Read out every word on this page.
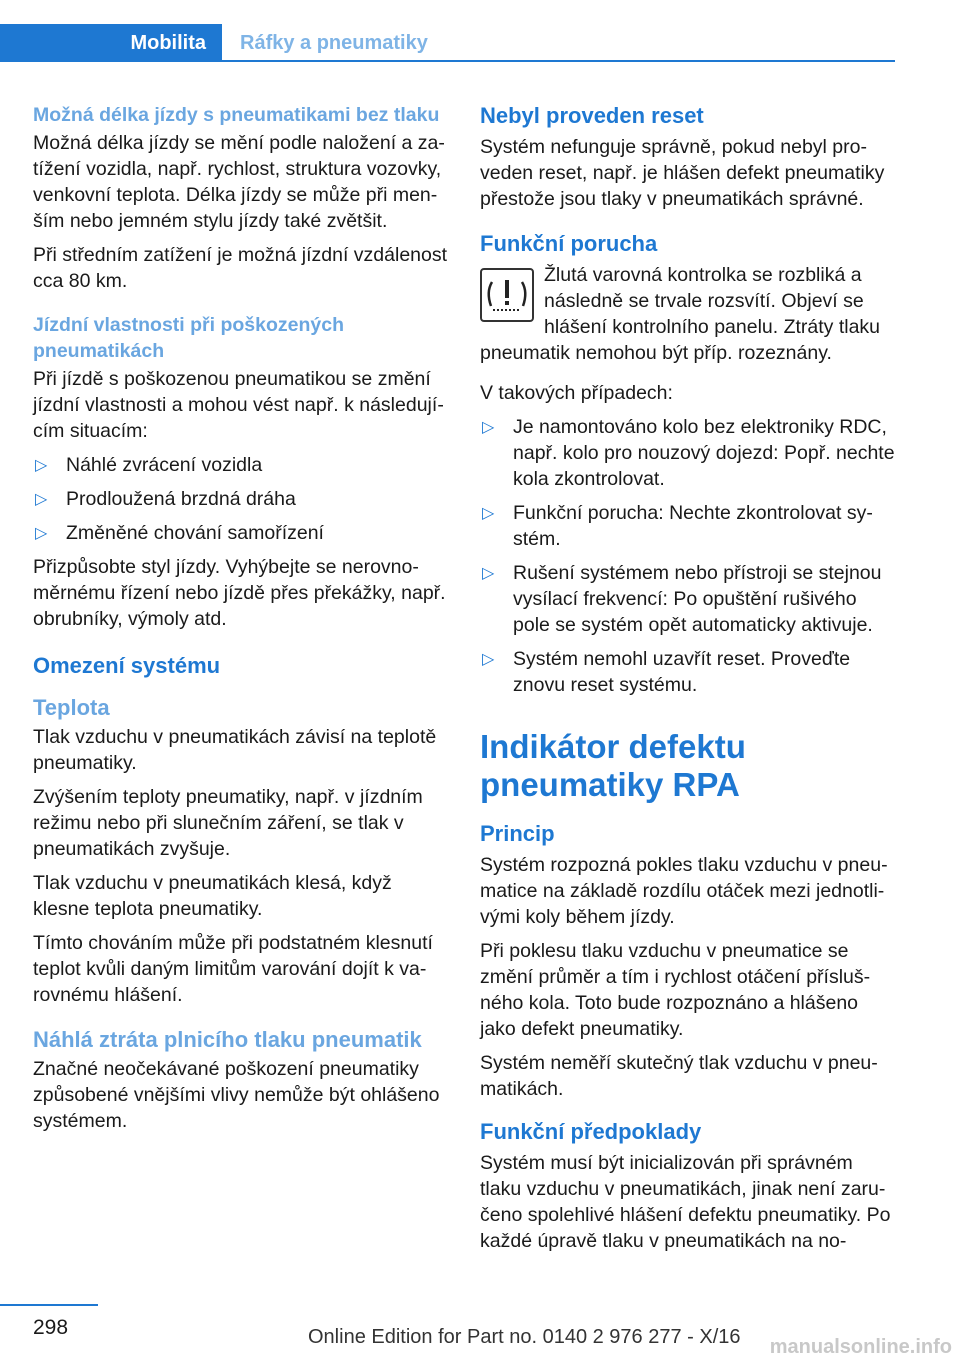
Mobilita	Ráfky a pneumatiky
Možná délka jízdy s pneumatikami bez tlaku

Možná délka jízdy se mění podle naložení a zatížení vozidla, např. rychlost, struktura vozovky, venkovní teplota. Délka jízdy se může při menším nebo jemném stylu jízdy také zvětšit.

Při středním zatížení je možná jízdní vzdálenost cca 80 km.

Jízdní vlastnosti při poškozených pneumatikách

Při jízdě s poškozenou pneumatikou se změní jízdní vlastnosti a mohou vést např. k následujícím situacím:

▷ Náhlé zvrácení vozidla
▷ Prodloužená brzdná dráha
▷ Změněné chování samořízení

Přizpůsobte styl jízdy. Vyhýbejte se nerovnoměrnému řízení nebo jízdě přes překážky, např. obrubníky, výmoly atd.

Omezení systému
Teplota

Tlak vzduchu v pneumatikách závisí na teplotě pneumatiky.

Zvýšením teploty pneumatiky, např. v jízdním režimu nebo při slunečním záření, se tlak v pneumatikách zvyšuje.

Tlak vzduchu v pneumatikách klesá, když klesne teplota pneumatiky.

Tímto chováním může při podstatném klesnutí teplot kvůli daným limitům varování dojít k varovnému hlášení.

Náhlá ztráta plnicího tlaku pneumatik

Značné neočekávané poškození pneumatiky způsobené vnějšími vlivy nemůže být ohlášeno systémem.

Nebyl proveden reset

Systém nefunguje správně, pokud nebyl proveden reset, např. je hlášen defekt pneumatiky přestože jsou tlaky v pneumatikách správné.

Funkční porucha
Žlutá varovná kontrolka se rozbliká a následně se trvale rozsvítí. Objeví se hlášení kontrolního panelu. Ztráty tlaku pneumatik nemohou být příp. rozeznány.

V takových případech:

▷ Je namontováno kolo bez elektroniky RDC, např. kolo pro nouzový dojezd: Popř. nechte kola zkontrolovat.
▷ Funkční porucha: Nechte zkontrolovat systém.
▷ Rušení systémem nebo přístroji se stejnou vysílací frekvencí: Po opuštění rušivého pole se systém opět automaticky aktivuje.
▷ Systém nemohl uzavřít reset. Proveďte znovu reset systému.
Indikátor defektu pneumatiky RPA
Princip

Systém rozpozná pokles tlaku vzduchu v pneumatice na základě rozdílu otáček mezi jednotlivými koly během jízdy.

Při poklesu tlaku vzduchu v pneumatice se změní průměr a tím i rychlost otáčení příslušného kola. Toto bude rozpoznáno a hlášeno jako defekt pneumatiky.

Systém neměří skutečný tlak vzduchu v pneumatikách.

Funkční předpoklady

Systém musí být inicializován při správném tlaku vzduchu v pneumatikách, jinak není zaručeno spolehlivé hlášení defektu pneumatiky. Po každé úpravě tlaku v pneumatikách na no-

298	Online Edition for Part no. 0140 2 976 277 - X/16 manualsonline.info
